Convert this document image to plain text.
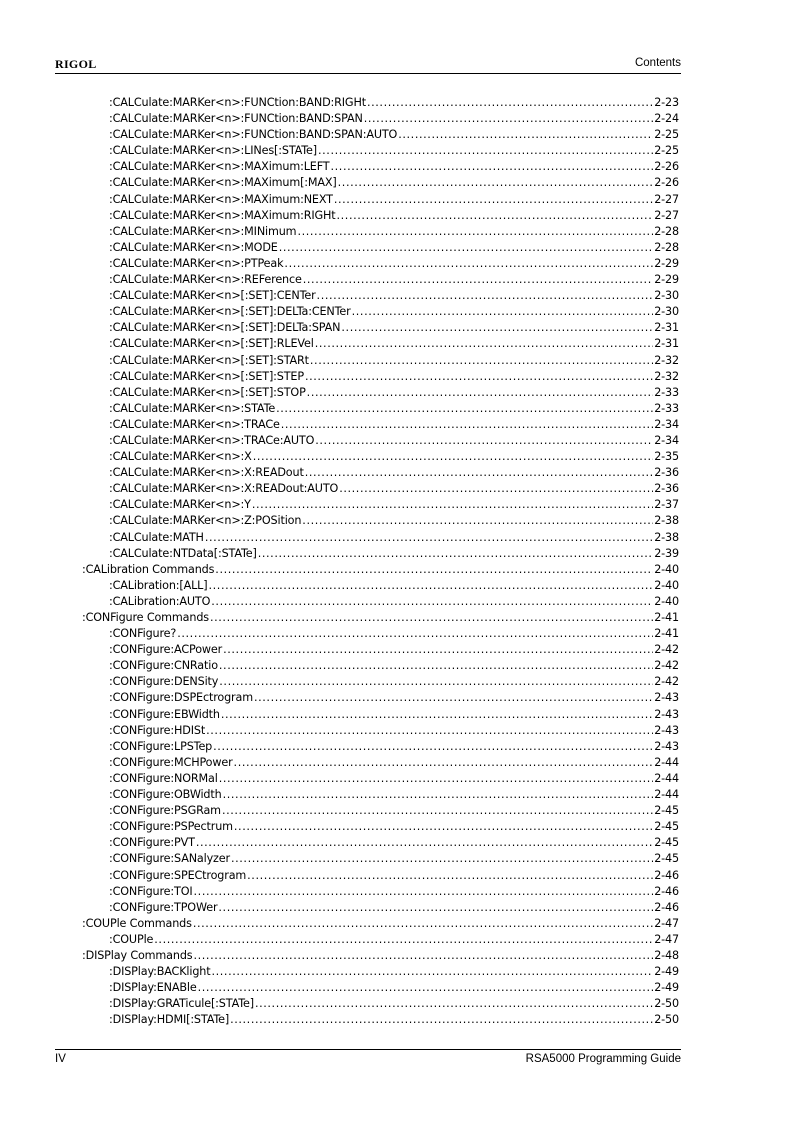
RIGOL	Contents
:CALCulate:MARKer<n>:FUNCtion:BAND:RIGHt .....	2-23
:CALCulate:MARKer<n>:FUNCtion:BAND:SPAN .....	2-24
:CALCulate:MARKer<n>:FUNCtion:BAND:SPAN:AUTO .....	2-25
:CALCulate:MARKer<n>:LINes[:STATe] .....	2-25
:CALCulate:MARKer<n>:MAXimum:LEFT .....	2-26
:CALCulate:MARKer<n>:MAXimum[:MAX] .....	2-26
:CALCulate:MARKer<n>:MAXimum:NEXT .....	2-27
:CALCulate:MARKer<n>:MAXimum:RIGHt .....	2-27
:CALCulate:MARKer<n>:MINimum .....	2-28
:CALCulate:MARKer<n>:MODE .....	2-28
:CALCulate:MARKer<n>:PTPeak .....	2-29
:CALCulate:MARKer<n>:REFerence .....	2-29
:CALCulate:MARKer<n>[:SET]:CENTer .....	2-30
:CALCulate:MARKer<n>[:SET]:DELTa:CENTer .....	2-30
:CALCulate:MARKer<n>[:SET]:DELTa:SPAN .....	2-31
:CALCulate:MARKer<n>[:SET]:RLEVel .....	2-31
:CALCulate:MARKer<n>[:SET]:STARt .....	2-32
:CALCulate:MARKer<n>[:SET]:STEP .....	2-32
:CALCulate:MARKer<n>[:SET]:STOP .....	2-33
:CALCulate:MARKer<n>:STATe .....	2-33
:CALCulate:MARKer<n>:TRACe .....	2-34
:CALCulate:MARKer<n>:TRACe:AUTO .....	2-34
:CALCulate:MARKer<n>:X .....	2-35
:CALCulate:MARKer<n>:X:READout .....	2-36
:CALCulate:MARKer<n>:X:READout:AUTO .....	2-36
:CALCulate:MARKer<n>:Y .....	2-37
:CALCulate:MARKer<n>:Z:POSition .....	2-38
:CALCulate:MATH .....	2-38
:CALCulate:NTData[:STATe] .....	2-39
:CALibration Commands .....	2-40
:CALibration:[ALL] .....	2-40
:CALibration:AUTO .....	2-40
:CONFigure Commands .....	2-41
:CONFigure? .....	2-41
:CONFigure:ACPower .....	2-42
:CONFigure:CNRatio .....	2-42
:CONFigure:DENSity .....	2-42
:CONFigure:DSPEctrogram .....	2-43
:CONFigure:EBWidth .....	2-43
:CONFigure:HDISt .....	2-43
:CONFigure:LPSTep .....	2-43
:CONFigure:MCHPower .....	2-44
:CONFigure:NORMal .....	2-44
:CONFigure:OBWidth .....	2-44
:CONFigure:PSGRam .....	2-45
:CONFigure:PSPectrum .....	2-45
:CONFigure:PVT .....	2-45
:CONFigure:SANalyzer .....	2-45
:CONFigure:SPECtrogram .....	2-46
:CONFigure:TOI .....	2-46
:CONFigure:TPOWer .....	2-46
:COUPle Commands .....	2-47
:COUPle .....	2-47
:DISPlay Commands .....	2-48
:DISPlay:BACKlight .....	2-49
:DISPlay:ENABle .....	2-49
:DISPlay:GRATicule[:STATe] .....	2-50
:DISPlay:HDMI[:STATe] .....	2-50
IV	RSA5000 Programming Guide
